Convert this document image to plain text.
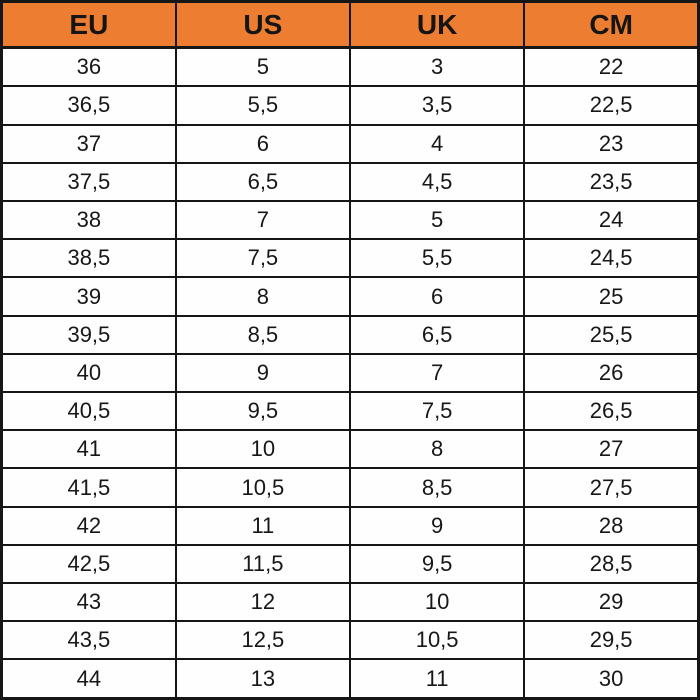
EU	US	UK	CM
36	5	3	22
36,5	5,5	3,5	22,5
37	6	4	23
37,5	6,5	4,5	23,5
38	7	5	24
38,5	7,5	5,5	24,5
39	8	6	25
39,5	8,5	6,5	25,5
40	9	7	26
40,5	9,5	7,5	26,5
41	10	8	27
41,5	10,5	8,5	27,5
42	11	9	28
42,5	11,5	9,5	28,5
43	12	10	29
43,5	12,5	10,5	29,5
44	13	11	30
